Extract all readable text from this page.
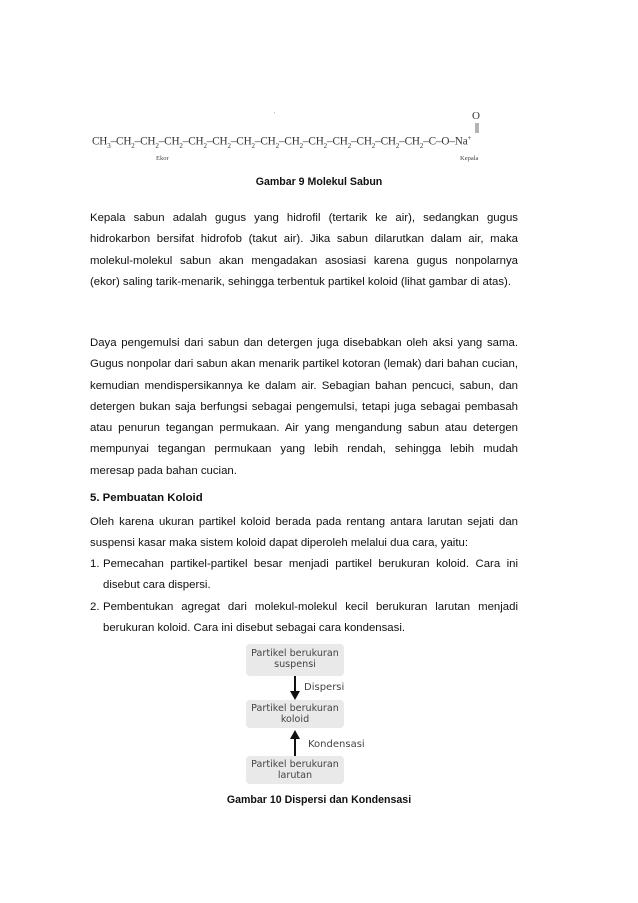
'	O
$CH_3-CH_2-CH_2-CH_2-CH_2-CH_2-CH_2-CH_2-CH_2-CH_2-CH_2-CH_2-CH_2-CH_2-C-O-Na^+$
Ekor	Kepala
Gambar 9 Molekul Sabun

Kepala sabun adalah gugus yang hidrofil (tertarik ke air), sedangkan gugus hidrokarbon bersifat hidrofob (takut air). Jika sabun dilarutkan dalam air, maka molekul-molekul sabun akan mengadakan asosiasi karena gugus nonpolarnya (ekor) saling tarik-menarik, sehingga terbentuk partikel koloid (lihat gambar di atas).

Daya pengemulsi dari sabun dan detergen juga disebabkan oleh aksi yang sama. Gugus nonpolar dari sabun akan menarik partikel kotoran (lemak) dari bahan cucian, kemudian mendispersikannya ke dalam air. Sebagian bahan pencuci, sabun, dan detergen bukan saja berfungsi sebagai pengemulsi, tetapi juga sebagai pembasah atau penurun tegangan permukaan. Air yang mengandung sabun atau detergen mempunyai tegangan permukaan yang lebih rendah, sehingga lebih mudah meresap pada bahan cucian.

5. Pembuatan Koloid

Oleh karena ukuran partikel koloid berada pada rentang antara larutan sejati dan suspensi kasar maka sistem koloid dapat diperoleh melalui dua cara, yaitu:

1. Pemecahan partikel-partikel besar menjadi partikel berukuran koloid. Cara ini disebut cara dispersi.
2. Pembentukan agregat dari molekul-molekul kecil berukuran larutan menjadi berukuran koloid. Cara ini disebut sebagai cara kondensasi.
Partikel berukuran
suspensi
Dispersi
Partikel berukuran
koloid
Kondensasi
Partikel berukuran
larutan
Gambar 10 Dispersi dan Kondensasi
